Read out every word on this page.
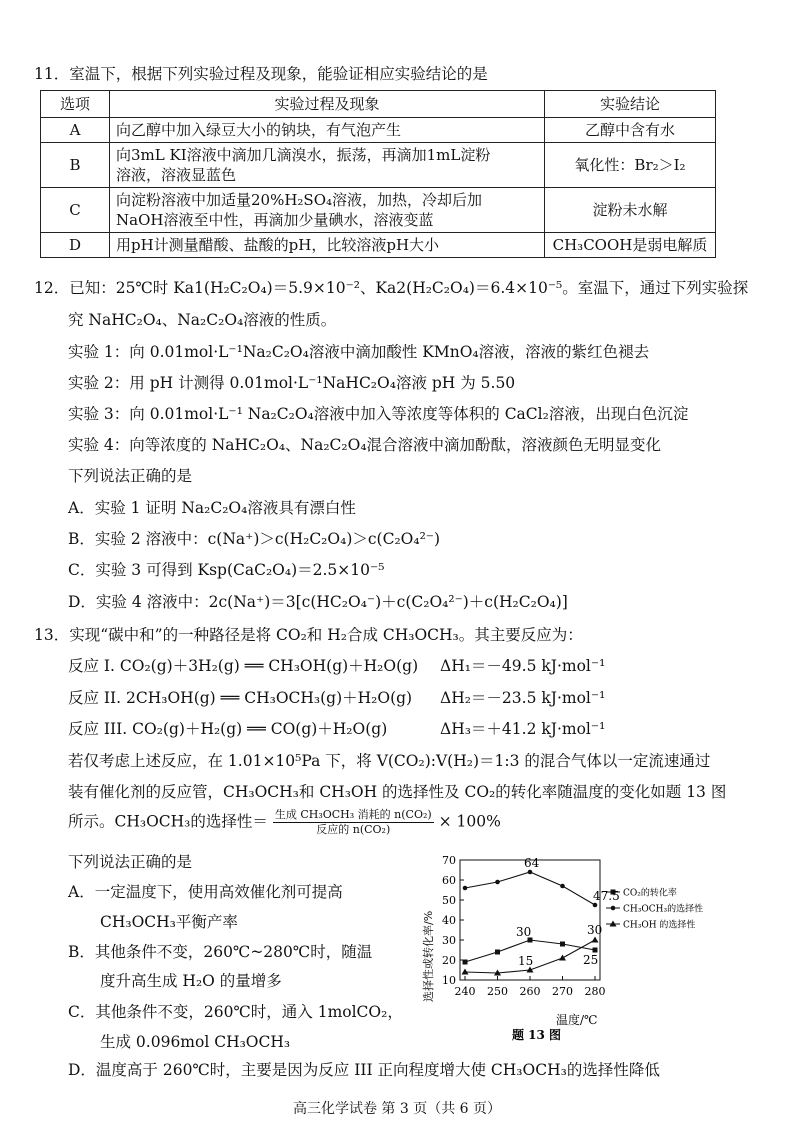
11．室温下，根据下列实验过程及现象，能验证相应实验结论的是
选项	实验过程及现象	实验结论
A	向乙醇中加入绿豆大小的钠块，有气泡产生	乙醇中含有水
B	向3mL KI溶液中滴加几滴溴水，振荡，再滴加1mL淀粉
溶液，溶液显蓝色	氧化性：Br₂＞I₂
C	向淀粉溶液中加适量20%H₂SO₄溶液，加热，冷却后加
NaOH溶液至中性，再滴加少量碘水，溶液变蓝	淀粉未水解
D	用pH计测量醋酸、盐酸的pH，比较溶液pH大小	CH₃COOH是弱电解质
12．已知：25℃时 Ka1(H₂C₂O₄)＝5.9×10⁻²、Ka2(H₂C₂O₄)＝6.4×10⁻⁵。室温下，通过下列实验探
究 NaHC₂O₄、Na₂C₂O₄溶液的性质。
实验 1：向 0.01mol·L⁻¹Na₂C₂O₄溶液中滴加酸性 KMnO₄溶液，溶液的紫红色褪去
实验 2：用 pH 计测得 0.01mol·L⁻¹NaHC₂O₄溶液 pH 为 5.50
实验 3：向 0.01mol·L⁻¹ Na₂C₂O₄溶液中加入等浓度等体积的 CaCl₂溶液，出现白色沉淀
实验 4：向等浓度的 NaHC₂O₄、Na₂C₂O₄混合溶液中滴加酚酞，溶液颜色无明显变化
下列说法正确的是
A．实验 1 证明 Na₂C₂O₄溶液具有漂白性
B．实验 2 溶液中：c(Na⁺)＞c(H₂C₂O₄)＞c(C₂O₄²⁻)
C．实验 3 可得到 Ksp(CaC₂O₄)＝2.5×10⁻⁵
D．实验 4 溶液中：2c(Na⁺)＝3[c(HC₂O₄⁻)＋c(C₂O₄²⁻)＋c(H₂C₂O₄)]
13．实现“碳中和”的一种路径是将 CO₂和 H₂合成 CH₃OCH₃。其主要反应为：
反应 I. CO₂(g)＋3H₂(g) ══ CH₃OH(g)＋H₂O(g) ΔH₁＝－49.5 kJ·mol⁻¹
反应 II. 2CH₃OH(g) ══ CH₃OCH₃(g)＋H₂O(g) ΔH₂＝－23.5 kJ·mol⁻¹
反应 III. CO₂(g)＋H₂(g) ══ CO(g)＋H₂O(g)	ΔH₃＝＋41.2 kJ·mol⁻¹
若仅考虑上述反应，在 1.01×10⁵Pa 下，将 V(CO₂):V(H₂)＝1:3 的混合气体以一定流速通过
装有催化剂的反应管，CH₃OCH₃和 CH₃OH 的选择性及 CO₂的转化率随温度的变化如题 13 图
所示。CH₃OCH₃的选择性＝ $\frac{\text{生成 CH₃OCH₃ 消耗的 n(CO₂)}}{\text{反应的 n(CO₂)}} \times 100\%$
下列说法正确的是
A．一定温度下，使用高效催化剂可提高
CH₃OCH₃平衡产率
B．其他条件不变，260℃~280℃时，随温
度升高生成 H₂O 的量增多
C．其他条件不变，260℃时，通入 1molCO₂，
生成 0.096mol CH₃OCH₃
D．温度高于 260℃时，主要是因为反应 III 正向程度增大使 CH₃OCH₃的选择性降低
10
20
30
40
50
60
70
240 250 260 270 280
CO₂的转化率
CH₃OCH₃的选择性
CH₃OH 的选择性
64
47.5
30	30
15	25
选择性或转化率/%
温度/℃
题 13 图
高三化学试卷 第 3 页（共 6 页）
